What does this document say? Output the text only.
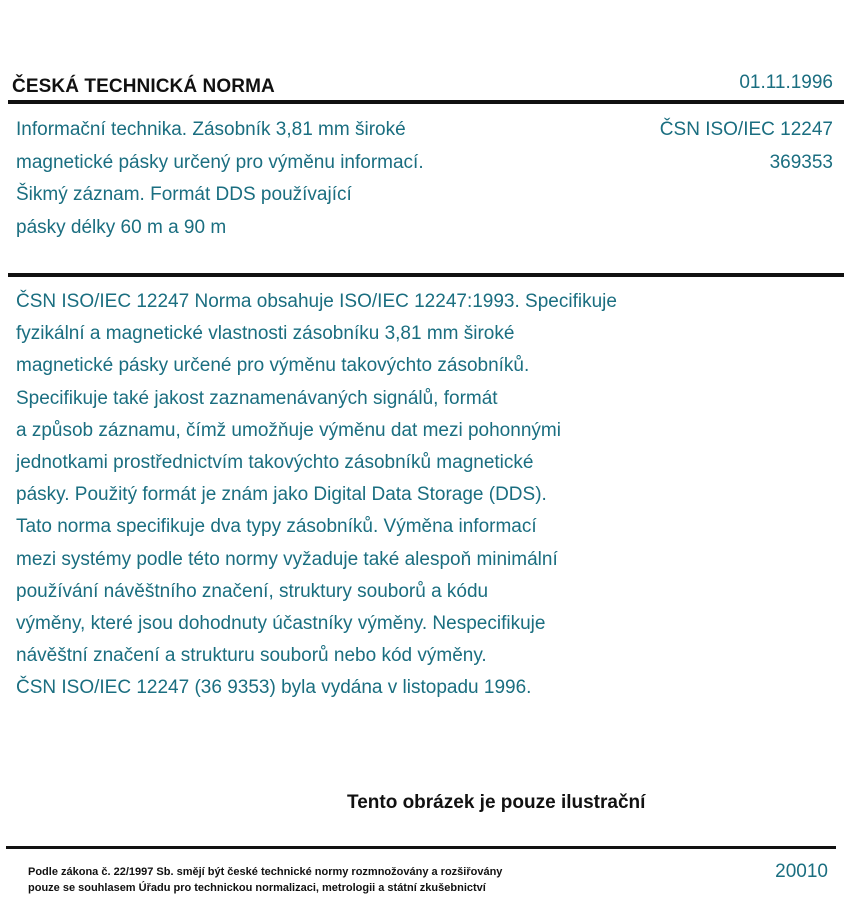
ČESKÁ TECHNICKÁ NORMA	01.11.1996
Informační technika. Zásobník 3,81 mm široké
magnetické pásky určený pro výměnu informací.
Šikmý záznam. Formát DDS používající
pásky délky 60 m a 90 m
ČSN ISO/IEC 12247
369353
ČSN ISO/IEC 12247 Norma obsahuje ISO/IEC 12247:1993. Specifikuje
fyzikální a magnetické vlastnosti zásobníku 3,81 mm široké
magnetické pásky určené pro výměnu takovýchto zásobníků.
Specifikuje také jakost zaznamenávaných signálů, formát
a způsob záznamu, čímž umožňuje výměnu dat mezi pohonnými
jednotkami prostřednictvím takovýchto zásobníků magnetické
pásky. Použitý formát je znám jako Digital Data Storage (DDS).
Tato norma specifikuje dva typy zásobníků. Výměna informací
mezi systémy podle této normy vyžaduje také alespoň minimální
používání návěštního značení, struktury souborů a kódu
výměny, které jsou dohodnuty účastníky výměny. Nespecifikuje
návěštní značení a strukturu souborů nebo kód výměny.
ČSN ISO/IEC 12247 (36 9353) byla vydána v listopadu 1996.
Tento obrázek je pouze ilustrační
Podle zákona č. 22/1997 Sb. smějí být české technické normy rozmnožovány a rozšiřovány
pouze se souhlasem Úřadu pro technickou normalizaci, metrologii a státní zkušebnictví
20010
